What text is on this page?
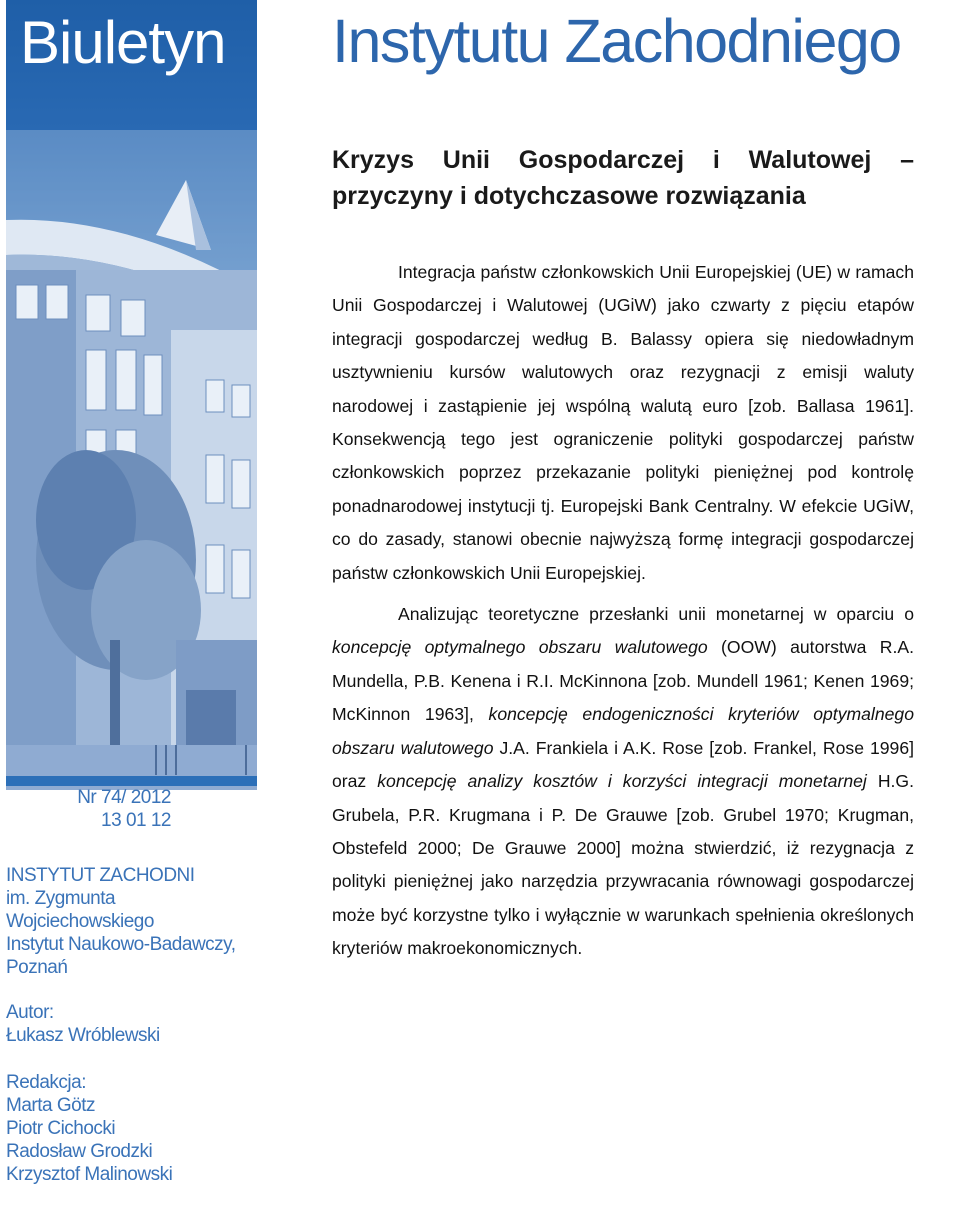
Biuletyn Instytutu Zachodniego

Nr 74/ 2012

13 01 12

INSTYTUT ZACHODNI

im. Zygmunta

Wojciechowskiego

Instytut Naukowo-Badawczy,

Poznań

Autor:

Łukasz Wróblewski

Redakcja:

Marta Götz

Piotr Cichocki

Radosław Grodzki

Krzysztof Malinowski

Kryzys Unii Gospodarczej i Walutowej –
przyczyny i dotychczasowe rozwiązania

Integracja państw członkowskich Unii Europejskiej (UE) w ramach Unii Gospodarczej i Walutowej (UGiW) jako czwarty z pięciu etapów integracji gospodarczej według B. Balassy opiera się niedowładnym usztywnieniu kursów walutowych oraz rezygnacji z emisji waluty narodowej i zastąpienie jej wspólną walutą euro [zob. Ballasa 1961]. Konsekwencją tego jest ograniczenie polityki gospodarczej państw członkowskich poprzez przekazanie polityki pieniężnej pod kontrolę ponadnarodowej instytucji tj. Europejski Bank Centralny. W efekcie UGiW, co do zasady, stanowi obecnie najwyższą formę integracji gospodarczej państw członkowskich Unii Europejskiej.

Analizując teoretyczne przesłanki unii monetarnej w oparciu o koncepcję optymalnego obszaru walutowego (OOW) autorstwa R.A. Mundella, P.B. Kenena i R.I. McKinnona [zob. Mundell 1961; Kenen 1969; McKinnon 1963], koncepcję endogeniczności kryteriów optymalnego obszaru walutowego J.A. Frankiela i A.K. Rose [zob. Frankel, Rose 1996] oraz koncepcję analizy kosztów i korzyści integracji monetarnej H.G. Grubela, P.R. Krugmana i P. De Grauwe [zob. Grubel 1970; Krugman, Obstefeld 2000; De Grauwe 2000] można stwierdzić, iż rezygnacja z polityki pieniężnej jako narzędzia przywracania równowagi gospodarczej może być korzystne tylko i wyłącznie w warunkach spełnienia określonych kryteriów makroekonomicznych.
